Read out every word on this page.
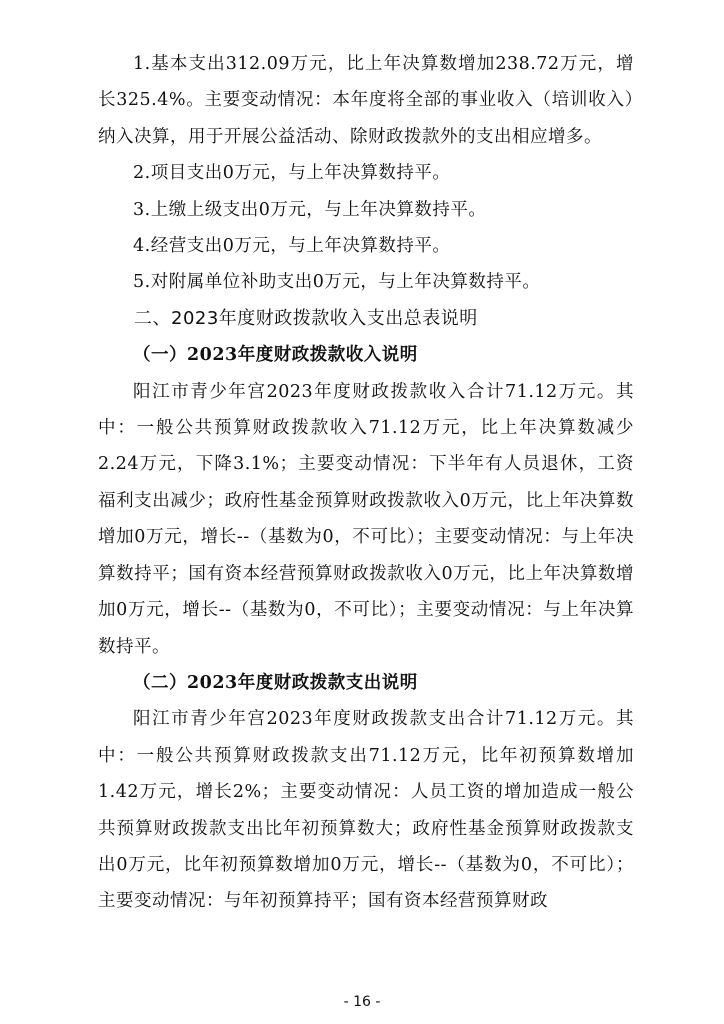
1.基本支出312.09万元，比上年决算数增加238.72万元，增长325.4%。主要变动情况：本年度将全部的事业收入（培训收入）纳入决算，用于开展公益活动、除财政拨款外的支出相应增多。

2.项目支出0万元，与上年决算数持平。

3.上缴上级支出0万元，与上年决算数持平。

4.经营支出0万元，与上年决算数持平。

5.对附属单位补助支出0万元，与上年决算数持平。

二、2023年度财政拨款收入支出总表说明
（一）2023年度财政拨款收入说明

阳江市青少年宫2023年度财政拨款收入合计71.12万元。其中：一般公共预算财政拨款收入71.12万元，比上年决算数减少2.24万元，下降3.1%；主要变动情况：下半年有人员退休，工资福利支出减少；政府性基金预算财政拨款收入0万元，比上年决算数增加0万元，增长--（基数为0，不可比）；主要变动情况：与上年决算数持平；国有资本经营预算财政拨款收入0万元，比上年决算数增加0万元，增长--（基数为0，不可比）；主要变动情况：与上年决算数持平。

（二）2023年度财政拨款支出说明

阳江市青少年宫2023年度财政拨款支出合计71.12万元。其中：一般公共预算财政拨款支出71.12万元，比年初预算数增加1.42万元，增长2%；主要变动情况：人员工资的增加造成一般公共预算财政拨款支出比年初预算数大；政府性基金预算财政拨款支出0万元，比年初预算数增加0万元，增长--（基数为0，不可比）；主要变动情况：与年初预算持平；国有资本经营预算财政

- 16 -
